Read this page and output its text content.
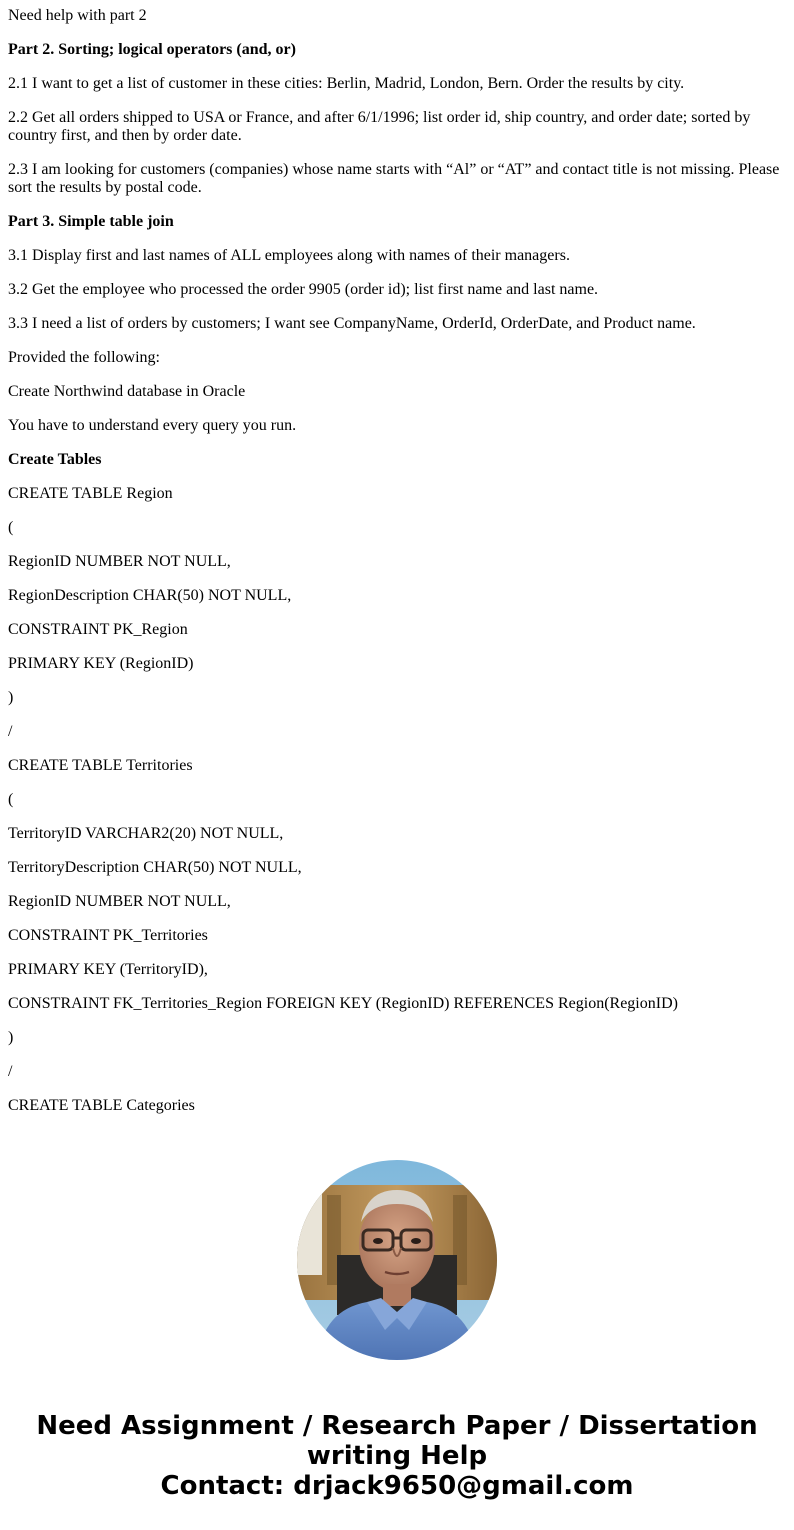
Need help with part 2

Part 2. Sorting; logical operators (and, or)

2.1 I want to get a list of customer in these cities: Berlin, Madrid, London, Bern. Order the results by city.

2.2 Get all orders shipped to USA or France, and after 6/1/1996; list order id, ship country, and order date; sorted by country first, and then by order date.

2.3 I am looking for customers (companies) whose name starts with “Al” or “AT” and contact title is not missing. Please sort the results by postal code.

Part 3. Simple table join

3.1 Display first and last names of ALL employees along with names of their managers.

3.2 Get the employee who processed the order 9905 (order id); list first name and last name.

3.3 I need a list of orders by customers; I want see CompanyName, OrderId, OrderDate, and Product name.

Provided the following:

Create Northwind database in Oracle

You have to understand every query you run.

Create Tables

CREATE TABLE Region

(

RegionID NUMBER NOT NULL,

RegionDescription CHAR(50) NOT NULL,

CONSTRAINT PK_Region

PRIMARY KEY (RegionID)

)

/

CREATE TABLE Territories

(

TerritoryID VARCHAR2(20) NOT NULL,

TerritoryDescription CHAR(50) NOT NULL,

RegionID NUMBER NOT NULL,

CONSTRAINT PK_Territories

PRIMARY KEY (TerritoryID),

CONSTRAINT FK_Territories_Region FOREIGN KEY (RegionID) REFERENCES Region(RegionID)

)

/

CREATE TABLE Categories

Need Assignment / Research Paper / Dissertation
writing Help
Contact: drjack9650@gmail.com
